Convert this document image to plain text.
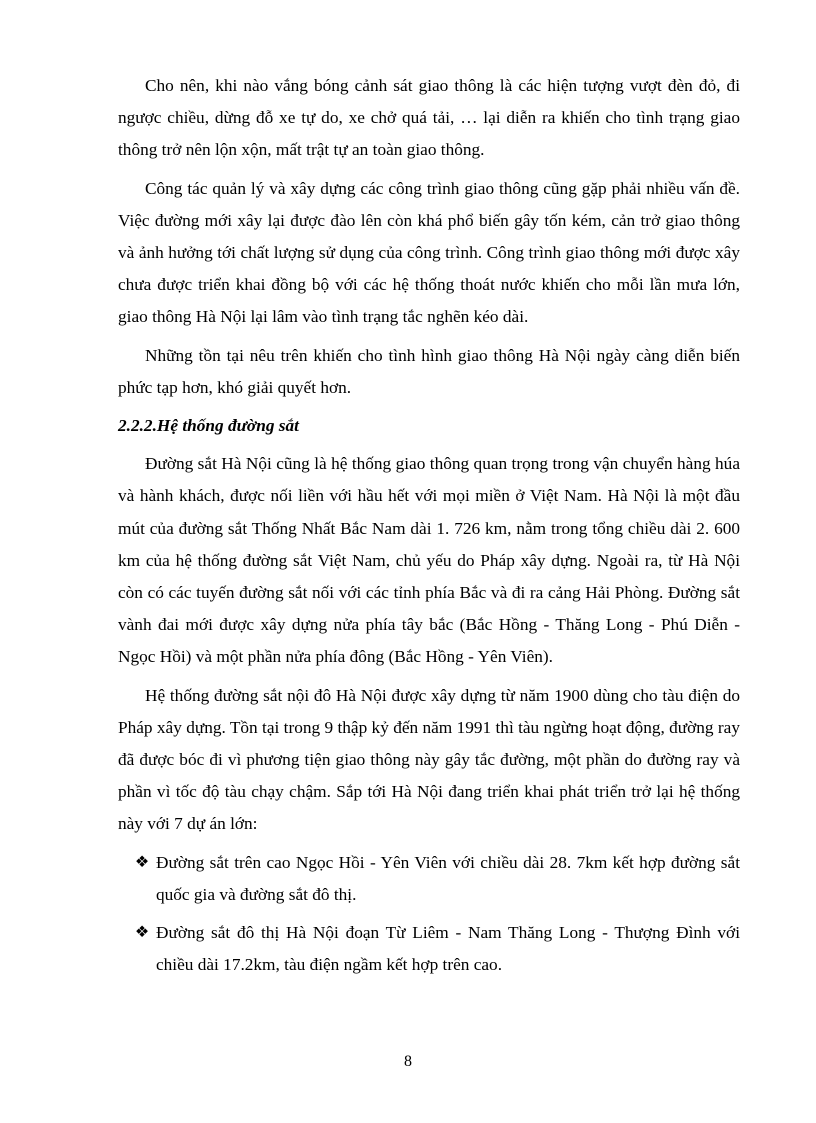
Cho nên, khi nào vắng bóng cảnh sát giao thông là các hiện tượng vượt đèn đỏ, đi ngược chiều, dừng đỗ xe tự do, xe chở quá tải, … lại diễn ra khiến cho tình trạng giao thông trở nên lộn xộn, mất trật tự an toàn giao thông.

Công tác quản lý và xây dựng các công trình giao thông cũng gặp phải nhiều vấn đề. Việc đường mới xây lại được đào lên còn khá phổ biến gây tốn kém, cản trở giao thông và ảnh hưởng tới chất lượng sử dụng của công trình. Công trình giao thông mới được xây chưa được triển khai đồng bộ với các hệ thống thoát nước khiến cho mỗi lần mưa lớn, giao thông Hà Nội lại lâm vào tình trạng tắc nghẽn kéo dài.

Những tồn tại nêu trên khiến cho tình hình giao thông Hà Nội ngày càng diễn biến phức tạp hơn, khó giải quyết hơn.

2.2.2.Hệ thống đường sắt

Đường sắt Hà Nội cũng là hệ thống giao thông quan trọng trong vận chuyển hàng húa và hành khách, được nối liền với hầu hết với mọi miền ở Việt Nam. Hà Nội là một đầu mút của đường sắt Thống Nhất Bắc Nam dài 1. 726 km, nằm trong tổng chiều dài 2. 600 km của hệ thống đường sắt Việt Nam, chủ yếu do Pháp xây dựng. Ngoài ra, từ Hà Nội còn có các tuyến đường sắt nối với các tỉnh phía Bắc và đi ra cảng Hải Phòng. Đường sắt vành đai mới được xây dựng nửa phía tây bắc (Bắc Hồng - Thăng Long - Phú Diễn - Ngọc Hồi) và một phần nửa phía đông (Bắc Hồng - Yên Viên).

Hệ thống đường sắt nội đô Hà Nội được xây dựng từ năm 1900 dùng cho tàu điện do Pháp xây dựng. Tồn tại trong 9 thập kỷ đến năm 1991 thì tàu ngừng hoạt động, đường ray đã được bóc đi vì phương tiện giao thông này gây tắc đường, một phần do đường ray và phần vì tốc độ tàu chạy chậm. Sắp tới Hà Nội đang triển khai phát triển trở lại hệ thống này với 7 dự án lớn:

❖ Đường sắt trên cao Ngọc Hồi - Yên Viên với chiều dài 28. 7km kết hợp đường sắt quốc gia và đường sắt đô thị.
❖ Đường sắt đô thị Hà Nội đoạn Từ Liêm - Nam Thăng Long - Thượng Đình với chiều dài 17.2km, tàu điện ngầm kết hợp trên cao.
8
